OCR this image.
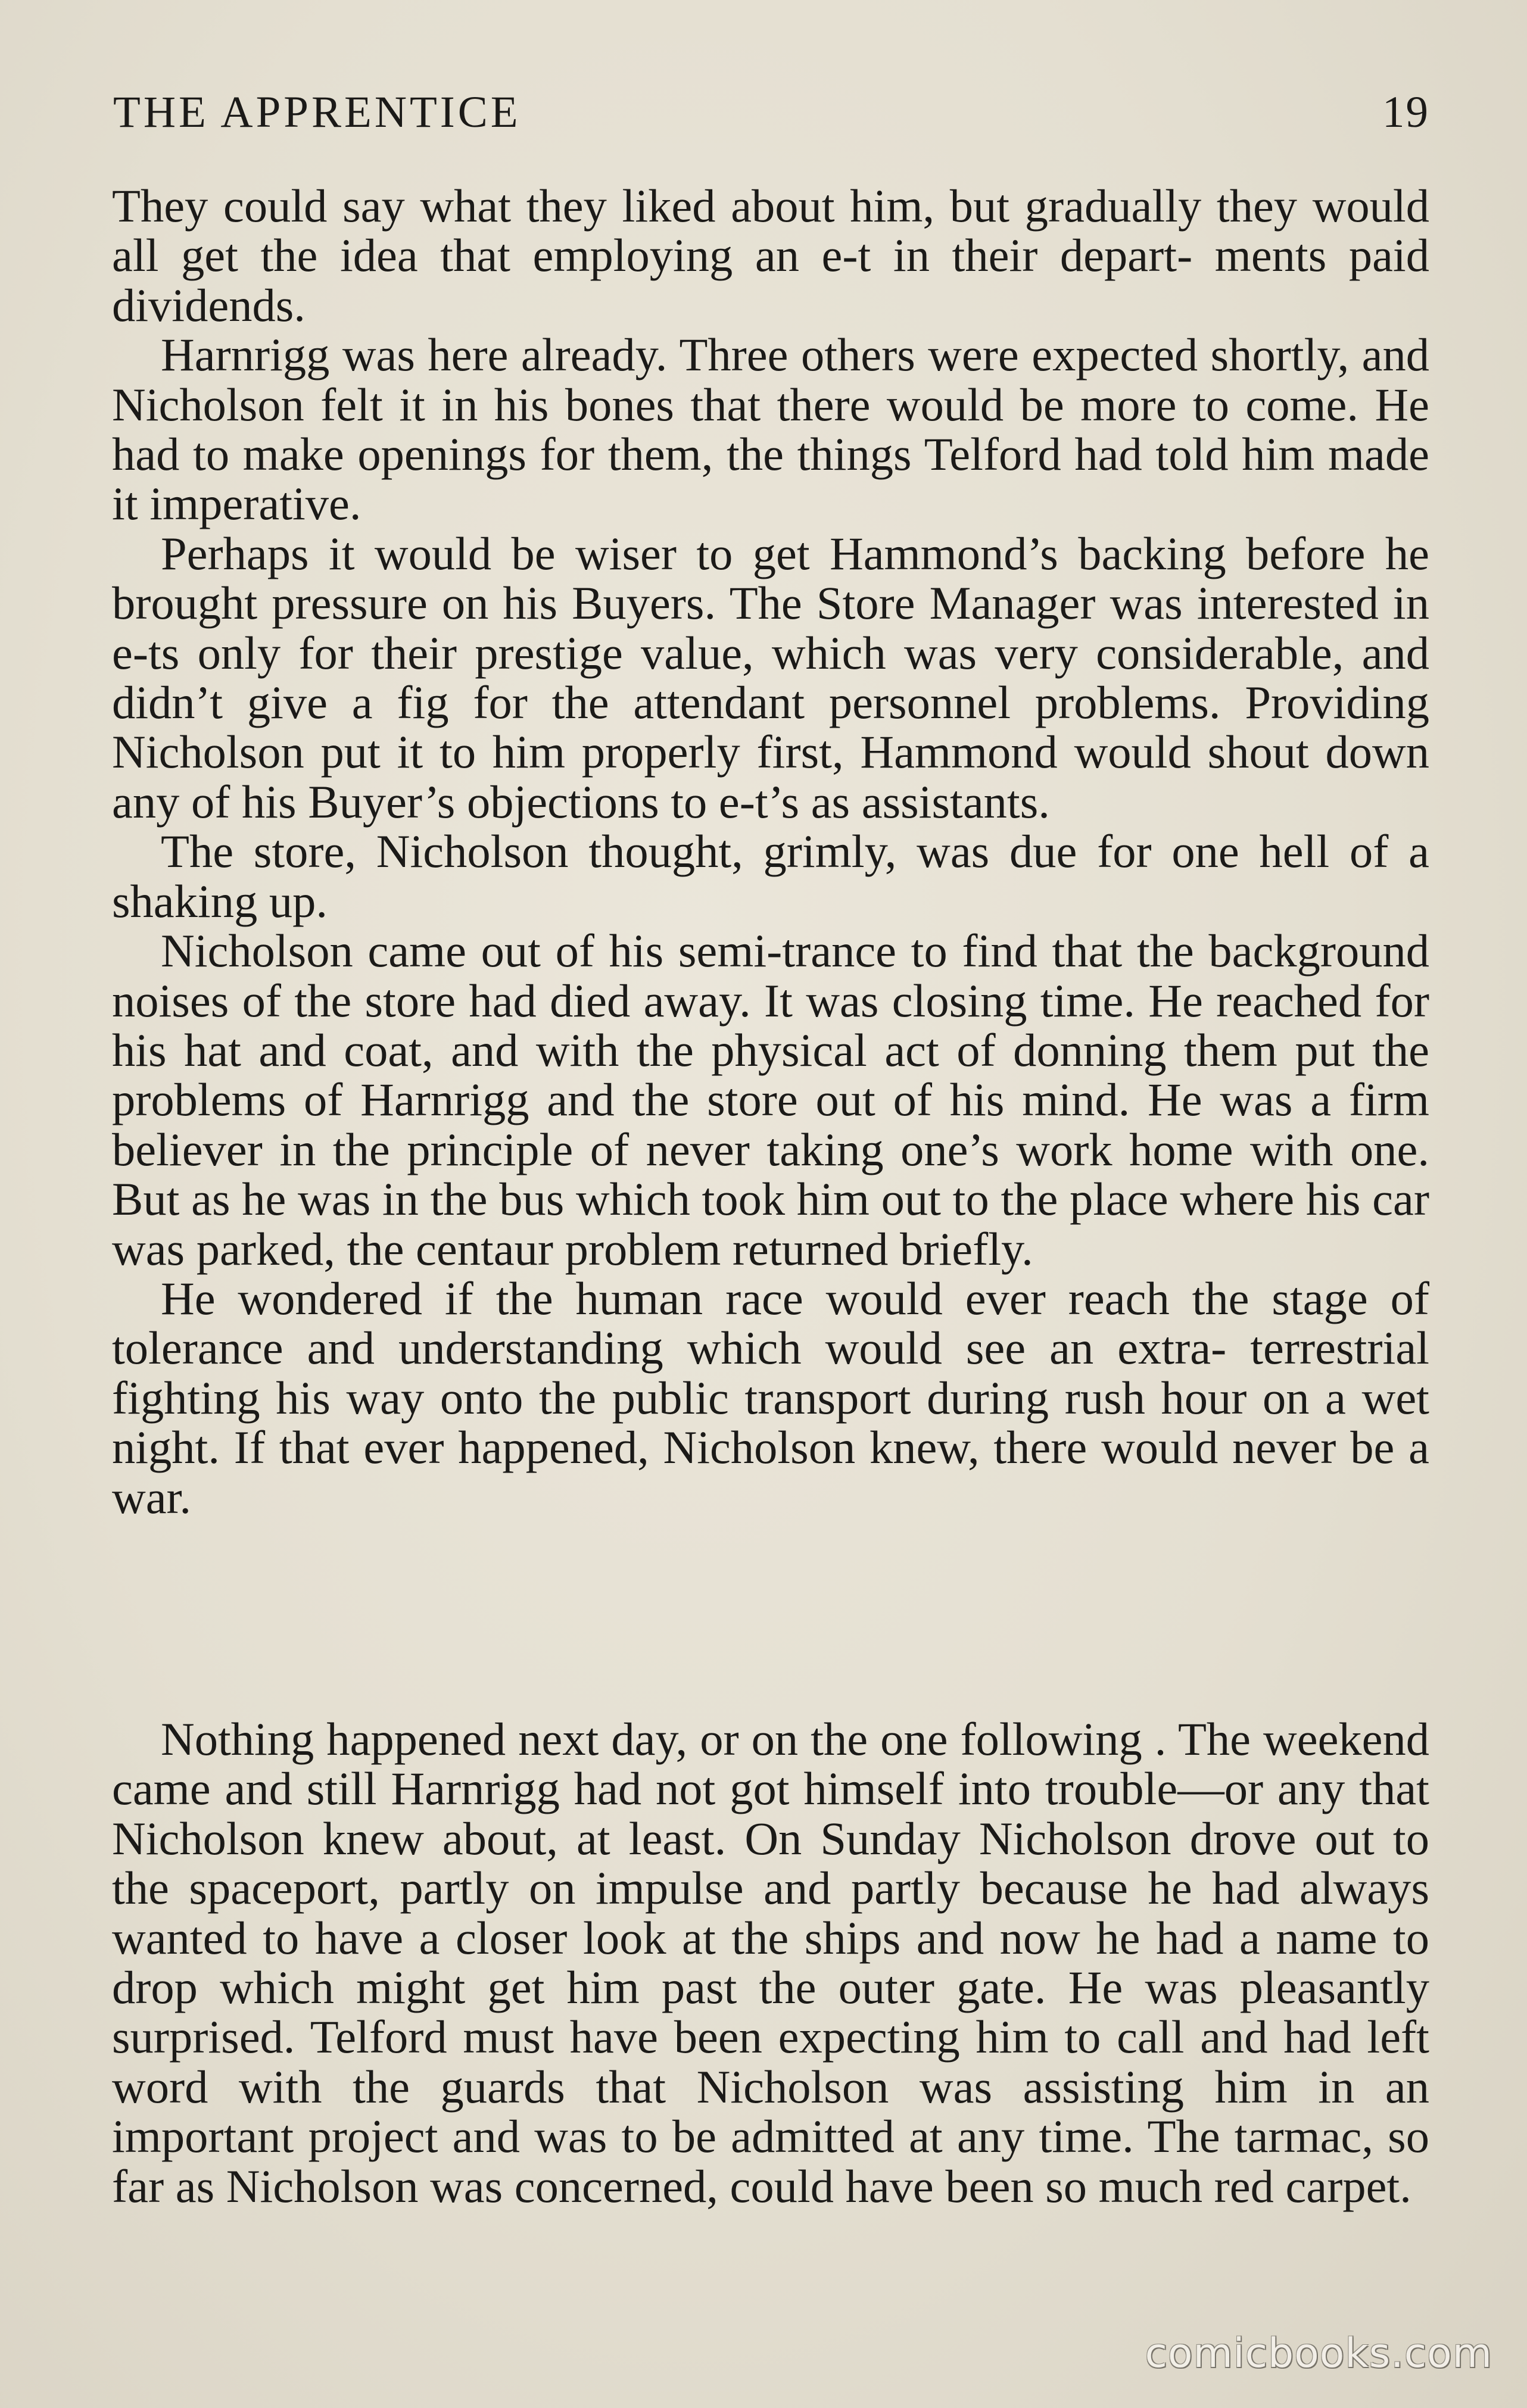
THE APPRENTICE	19

They could say what they liked about him, but gradually they would all get the idea that employing an e-t in their depart- ments paid dividends.

Harnrigg was here already. Three others were expected shortly, and Nicholson felt it in his bones that there would be more to come. He had to make openings for them, the things Telford had told him made it imperative.

Perhaps it would be wiser to get Hammond’s backing before he brought pressure on his Buyers. The Store Manager was interested in e-ts only for their prestige value, which was very considerable, and didn’t give a fig for the attendant personnel problems. Providing Nicholson put it to him properly first, Hammond would shout down any of his Buyer’s objections to e-t’s as assistants.

The store, Nicholson thought, grimly, was due for one hell of a shaking up.

Nicholson came out of his semi-trance to find that the background noises of the store had died away. It was closing time. He reached for his hat and coat, and with the physical act of donning them put the problems of Harnrigg and the store out of his mind. He was a firm believer in the principle of never taking one’s work home with one. But as he was in the bus which took him out to the place where his car was parked, the centaur problem returned briefly.

He wondered if the human race would ever reach the stage of tolerance and understanding which would see an extra- terrestrial fighting his way onto the public transport during rush hour on a wet night. If that ever happened, Nicholson knew, there would never be a war.

Nothing happened next day, or on the one following . The weekend came and still Harnrigg had not got himself into trouble—or any that Nicholson knew about, at least. On Sunday Nicholson drove out to the spaceport, partly on impulse and partly because he had always wanted to have a closer look at the ships and now he had a name to drop which might get him past the outer gate. He was pleasantly surprised. Telford must have been expecting him to call and had left word with the guards that Nicholson was assisting him in an important project and was to be admitted at any time. The tarmac, so far as Nicholson was concerned, could have been so much red carpet.

comicbooks.com
